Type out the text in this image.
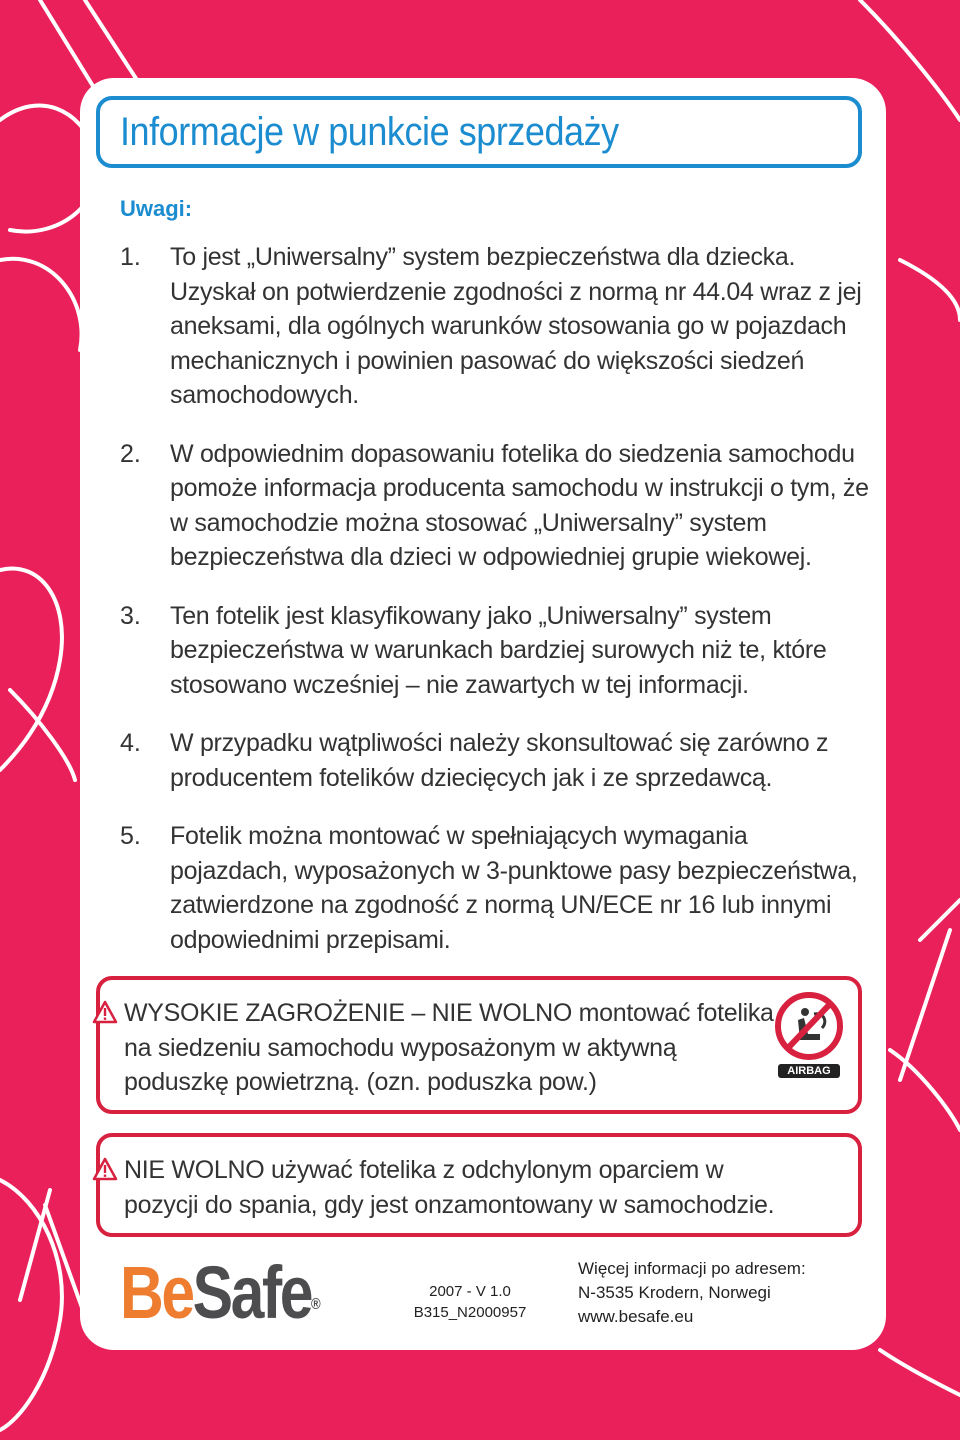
Informacje w punkcie sprzedaży
Uwagi:
1.	To jest „Uniwersalny” system bezpieczeństwa dla dziecka. Uzyskał on potwierdzenie zgodności z normą nr 44.04 wraz z jej aneksami, dla ogólnych warunków stosowania go w pojazdach mechanicznych i powinien pasować do większości siedzeń samochodowych.
2.	W odpowiednim dopasowaniu fotelika do siedzenia samochodu pomoże informacja producenta samochodu w instrukcji o tym, że w samochodzie można stosować „Uniwersalny” system bezpieczeństwa dla dzieci w odpowiedniej grupie wiekowej.
3.	Ten fotelik jest klasyfikowany jako „Uniwersalny” system bezpieczeństwa w warunkach bardziej surowych niż te, które stosowano wcześniej – nie zawartych w tej informacji.
4.	W przypadku wątpliwości należy skonsultować się zarówno z producentem fotelików dziecięcych jak i ze sprzedawcą.
5.	Fotelik można montować w spełniających wymagania pojazdach, wyposażonych w 3-punktowe pasy bezpieczeństwa, zatwierdzone na zgodność z normą UN/ECE nr 16 lub innymi odpowiednimi przepisami.
WYSOKIE ZAGROŻENIE – NIE WOLNO montować fotelika na siedzeniu samochodu wyposażonym w aktywną poduszkę powietrzną. (ozn. poduszka pow.)	AIRBAG
NIE WOLNO używać fotelika z odchylonym oparciem w pozycji do spania, gdy jest onzamontowany w samochodzie.
BeSafe®
2007 - V 1.0
B315_N2000957
Więcej informacji po adresem:
N-3535 Krodern, Norwegi
www.besafe.eu
